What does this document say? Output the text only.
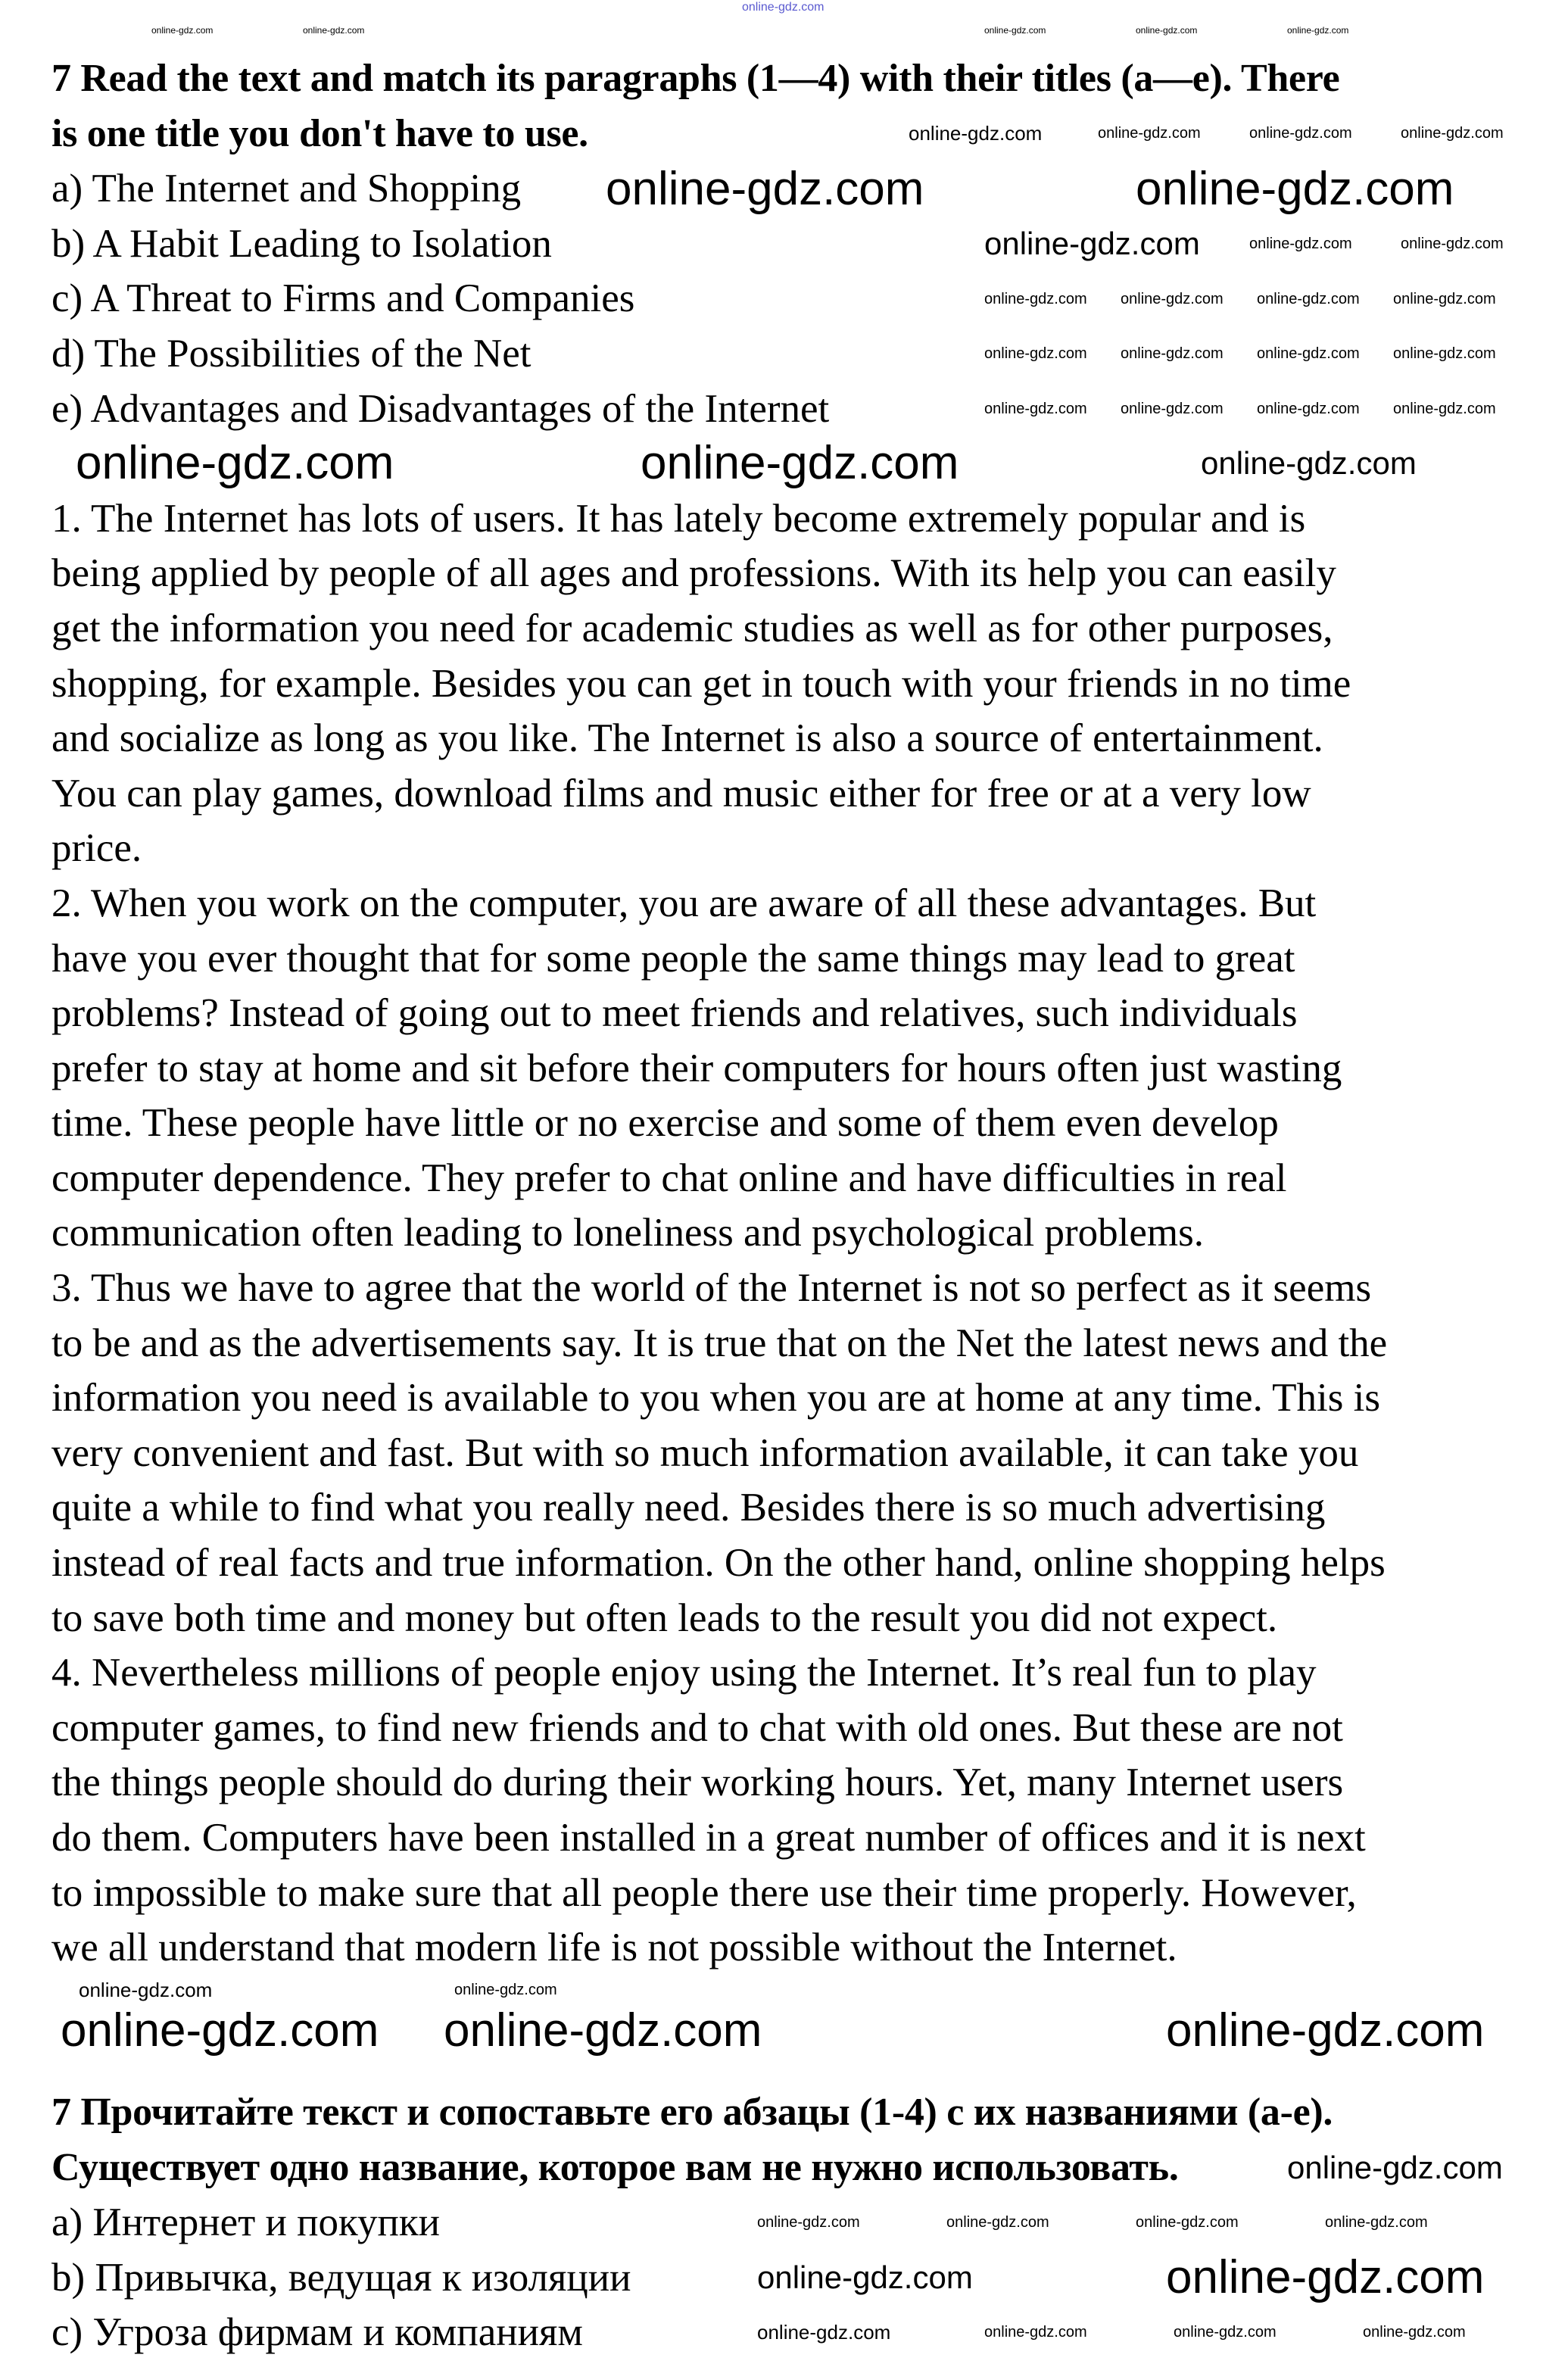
7 Read the text and match its paragraphs (1—4) with their titles (a—e). There
is one title you don't have to use.
a) The Internet and Shopping
b) A Habit Leading to Isolation
c) A Threat to Firms and Companies
d) The Possibilities of the Net
e) Advantages and Disadvantages of the Internet
1. The Internet has lots of users. It has lately become extremely popular and is
being applied by people of all ages and professions. With its help you can easily
get the information you need for academic studies as well as for other purposes,
shopping, for example. Besides you can get in touch with your friends in no time
and socialize as long as you like. The Internet is also a source of entertainment.
You can play games, download films and music either for free or at a very low
price.
2. When you work on the computer, you are aware of all these advantages. But
have you ever thought that for some people the same things may lead to great
problems? Instead of going out to meet friends and relatives, such individuals
prefer to stay at home and sit before their computers for hours often just wasting
time. These people have little or no exercise and some of them even develop
computer dependence. They prefer to chat online and have difficulties in real
communication often leading to loneliness and psychological problems.
3. Thus we have to agree that the world of the Internet is not so perfect as it seems
to be and as the advertisements say. It is true that on the Net the latest news and the
information you need is available to you when you are at home at any time. This is
very convenient and fast. But with so much information available, it can take you
quite a while to find what you really need. Besides there is so much advertising
instead of real facts and true information. On the other hand, online shopping helps
to save both time and money but often leads to the result you did not expect.
4. Nevertheless millions of people enjoy using the Internet. It’s real fun to play
computer games, to find new friends and to chat with old ones. But these are not
the things people should do during their working hours. Yet, many Internet users
do them. Computers have been installed in a great number of offices and it is next
to impossible to make sure that all people there use their time properly. However,
we all understand that modern life is not possible without the Internet.
7 Прочитайте текст и сопоставьте его абзацы (1-4) с их названиями (а-е).
Существует одно название, которое вам не нужно использовать.
a) Интернет и покупки
b) Привычка, ведущая к изоляции
c) Угроза фирмам и компаниям
online-gdz.com
online-gdz.com	online-gdz.com	online-gdz.com	online-gdz.com	online-gdz.com
online-gdz.com	online-gdz.com	online-gdz.com	online-gdz.com
online-gdz.com	online-gdz.com
online-gdz.com	online-gdz.com	online-gdz.com
online-gdz.com online-gdz.com online-gdz.com online-gdz.com
online-gdz.com online-gdz.com online-gdz.com online-gdz.com
online-gdz.com online-gdz.com online-gdz.com online-gdz.com
online-gdz.com	online-gdz.com	online-gdz.com
online-gdz.com	online-gdz.com
online-gdz.com online-gdz.com	online-gdz.com
online-gdz.com
online-gdz.com	online-gdz.com	online-gdz.com	online-gdz.com
online-gdz.com	online-gdz.com
online-gdz.com	online-gdz.com	online-gdz.com	online-gdz.com
